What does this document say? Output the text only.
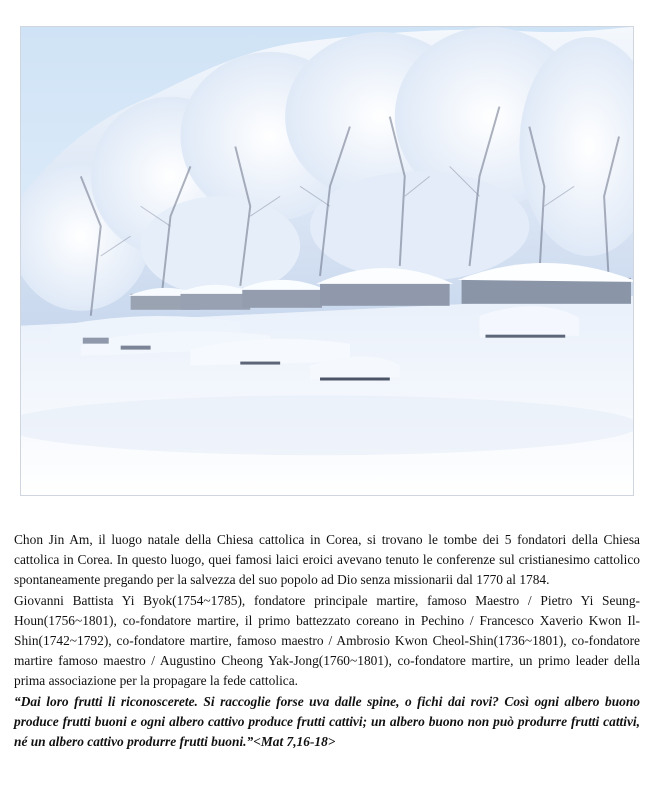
Chon Jin Am, il luogo natale della Chiesa cattolica in Corea, si trovano le tombe dei 5 fondatori della Chiesa cattolica in Corea. In questo luogo, quei famosi laici eroici avevano tenuto le conferenze sul cristianesimo cattolico spontaneamente pregando per la salvezza del suo popolo ad Dio senza missionarii dal 1770 al 1784.

Giovanni Battista Yi Byok(1754~1785), fondatore principale martire, famoso Maestro / Pietro Yi Seung-Houn(1756~1801), co-fondatore martire, il primo battezzato coreano in Pechino / Francesco Xaverio Kwon Il-Shin(1742~1792), co-fondatore martire, famoso maestro / Ambrosio Kwon Cheol-Shin(1736~1801), co-fondatore martire famoso maestro / Augustino Cheong Yak-Jong(1760~1801), co-fondatore martire, un primo leader della prima associazione per la propagare la fede cattolica.

“Dai loro frutti li riconoscerete. Si raccoglie forse uva dalle spine, o fichi dai rovi? Così ogni albero buono produce frutti buoni e ogni albero cattivo produce frutti cattivi; un albero buono non può produrre frutti cattivi, né un albero cattivo produrre frutti buoni.”<Mat 7,16-18>
